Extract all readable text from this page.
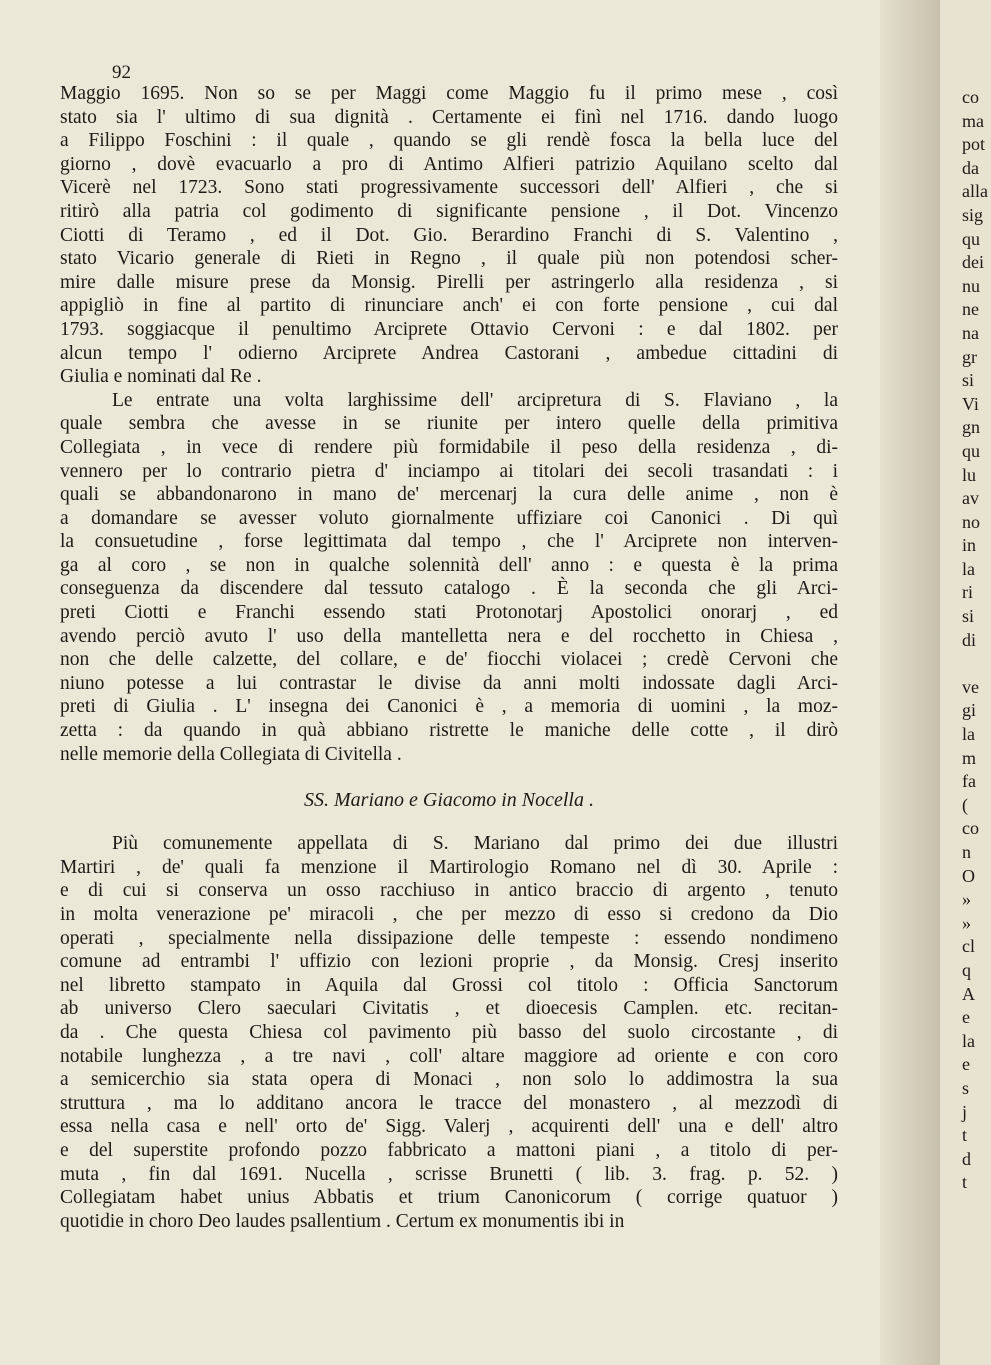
92

Maggio 1695. Non so se per Maggi come Maggio fu il primo mese , così
stato sia l' ultimo di sua dignità . Certamente ei finì nel 1716. dando luogo
a Filippo Foschini : il quale , quando se gli rendè fosca la bella luce del
giorno , dovè evacuarlo a pro di Antimo Alfieri patrizio Aquilano scelto dal
Vicerè nel 1723. Sono stati progressivamente successori dell' Alfieri , che si
ritirò alla patria col godimento di significante pensione , il Dot. Vincenzo
Ciotti di Teramo , ed il Dot. Gio. Berardino Franchi di S. Valentino ,
stato Vicario generale di Rieti in Regno , il quale più non potendosi scher-
mire dalle misure prese da Monsig. Pirelli per astringerlo alla residenza , si
appigliò in fine al partito di rinunciare anch' ei con forte pensione , cui dal
1793. soggiacque il penultimo Arciprete Ottavio Cervoni : e dal 1802. per
alcun tempo l' odierno Arciprete Andrea Castorani , ambedue cittadini di
Giulia e nominati dal Re .
Le entrate una volta larghissime dell' arcipretura di S. Flaviano , la
quale sembra che avesse in se riunite per intero quelle della primitiva
Collegiata , in vece di rendere più formidabile il peso della residenza , di-
vennero per lo contrario pietra d' inciampo ai titolari dei secoli trasandati : i
quali se abbandonarono in mano de' mercenarj la cura delle anime , non è
a domandare se avesser voluto giornalmente uffiziare coi Canonici . Di quì
la consuetudine , forse legittimata dal tempo , che l' Arciprete non interven-
ga al coro , se non in qualche solennità dell' anno : e questa è la prima
conseguenza da discendere dal tessuto catalogo . È la seconda che gli Arci-
preti Ciotti e Franchi essendo stati Protonotarj Apostolici onorarj , ed
avendo perciò avuto l' uso della mantelletta nera e del rocchetto in Chiesa ,
non che delle calzette, del collare, e de' fiocchi violacei ; credè Cervoni che
niuno potesse a lui contrastar le divise da anni molti indossate dagli Arci-
preti di Giulia . L' insegna dei Canonici è , a memoria di uomini , la moz-
zetta : da quando in quà abbiano ristrette le maniche delle cotte , il dirò
nelle memorie della Collegiata di Civitella .
SS. Mariano e Giacomo in Nocella .
Più comunemente appellata di S. Mariano dal primo dei due illustri
Martiri , de' quali fa menzione il Martirologio Romano nel dì 30. Aprile :
e di cui si conserva un osso racchiuso in antico braccio di argento , tenuto
in molta venerazione pe' miracoli , che per mezzo di esso si credono da Dio
operati , specialmente nella dissipazione delle tempeste : essendo nondimeno
comune ad entrambi l' uffizio con lezioni proprie , da Monsig. Cresj inserito
nel libretto stampato in Aquila dal Grossi col titolo : Officia Sanctorum
ab universo Clero saeculari Civitatis , et dioecesis Camplen. etc. recitan-
da . Che questa Chiesa col pavimento più basso del suolo circostante , di
notabile lunghezza , a tre navi , coll' altare maggiore ad oriente e con coro
a semicerchio sia stata opera di Monaci , non solo lo addimostra la sua
struttura , ma lo additano ancora le tracce del monastero , al mezzodì di
essa nella casa e nell' orto de' Sigg. Valerj , acquirenti dell' una e dell' altro
e del superstite profondo pozzo fabbricato a mattoni piani , a titolo di per-
muta , fin dal 1691. Nucella , scrisse Brunetti ( lib. 3. frag. p. 52. )
Collegiatam habet unius Abbatis et trium Canonicorum ( corrige quatuor )
quotidie in choro Deo laudes psallentium . Certum ex monumentis ibi in
co
ma
pot
da
alla
sig
qu
dei
nu
ne
na
gr
si
Vi
gn
qu
lu
av
no
in
la
ri
si
di
ve
gi
la
m
fa
(
co
n
O
»
»
cl
q
A
e
la
e
s
j
t
d
t
